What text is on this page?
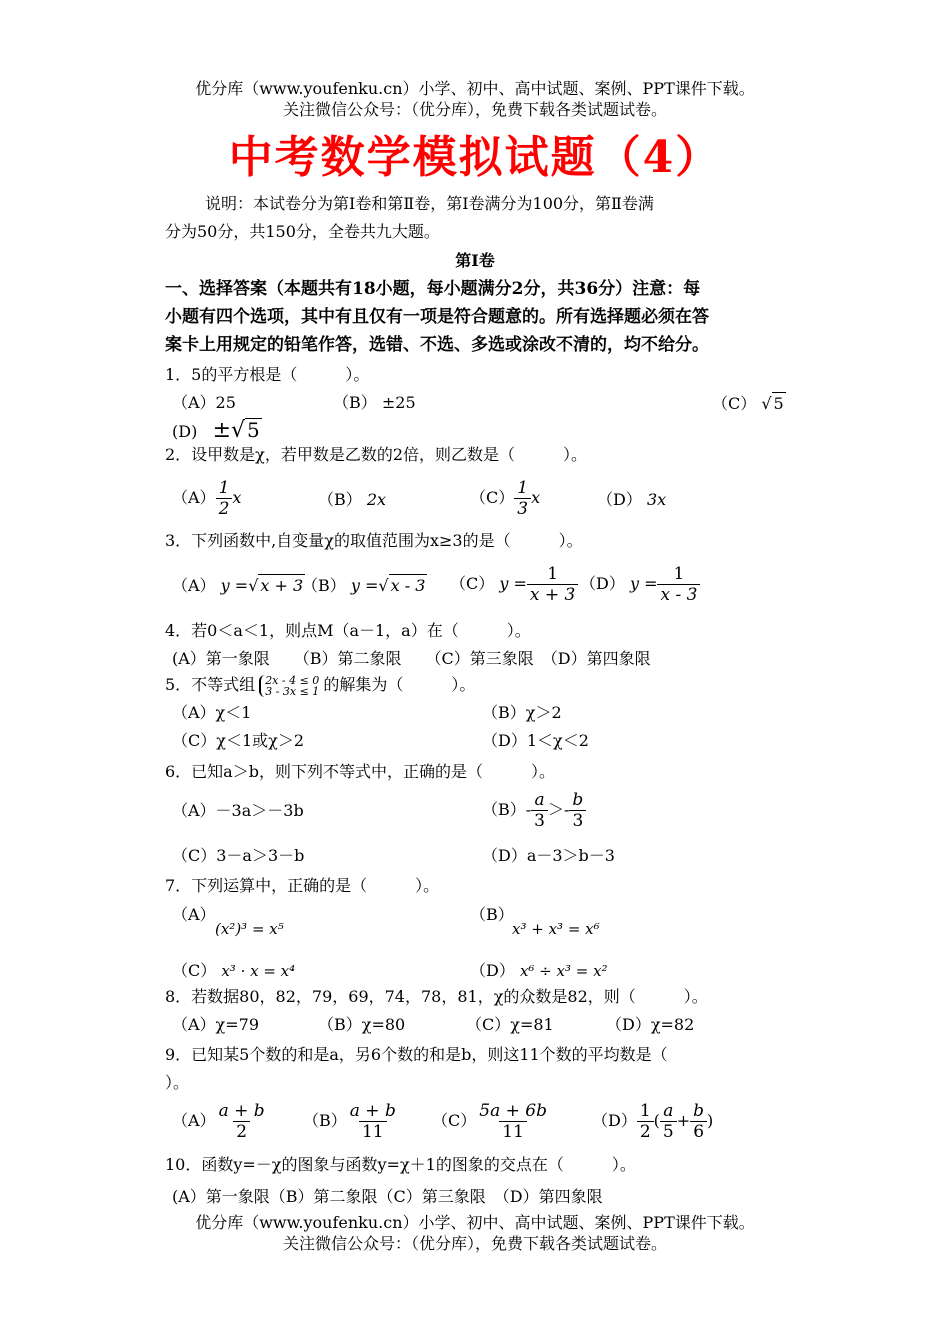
优分库（www.youfenku.cn）小学、初中、高中试题、案例、PPT课件下载。
关注微信公众号：（优分库），免费下载各类试题试卷。
中考数学模拟试题（4）
说明：本试卷分为第Ⅰ卷和第Ⅱ卷，第Ⅰ卷满分为100分，第Ⅱ卷满
分为50分，共150分，全卷共九大题。
第Ⅰ卷
一、选择答案（本题共有18小题，每小题满分2分，共36分）注意：每
小题有四个选项，其中有且仅有一项是符合题意的。所有选择题必须在答
案卡上用规定的铅笔作答，选错、不选、多选或涂改不清的，均不给分。
1．5的平方根是（　　　）。
（A）25	（B） ±25	（C） √ 5
(D) ±√ 5
2．设甲数是χ，若甲数是乙数的2倍，则乙数是（　　　）。
$(A) \frac{1}{2}$ x	（B） 2x	$(C) \frac{1}{3}$ x	（D） 3x
3．下列函数中,自变量χ的取值范围为x≥3的是（　　　）。
（A） y =√ x + 3
（B） y =√ x - 3 （C） $y = \frac{1}{x + 3} (D) y = \frac{1}{x - 3}$
4．若0＜a＜1，则点M（a－1，a）在（　　　）。
(A）第一象限　　（B）第二象限　　（C）第三象限　（D）第四象限
5．不等式组 2x - 4 ≤ 0
3 - 3x ≤ 1 的解集为（　　　）。
（A）χ＜1	（B）χ＞2
（C）χ＜1或χ＞2	（D）1＜χ＜2
6．已知a＞b，则下列不等式中，正确的是（　　　）。
（A）－3a＞－3b	$(B)- \frac{a}{3} >- \frac{b}{3}$
（C）3－a＞3－b	（D）a－3＞b－3
7．下列运算中，正确的是（　　　）。
（A）
(x²)³ = x⁵
（B）
x³ + x³ = x⁶
（C） x³ · x = x⁴	（D） x⁶ ÷ x³ = x²
8．若数据80，82，79，69，74，78，81，χ的众数是82，则（　　　）。
（A）χ=79	（B）χ=80	（C）χ=81	（D）χ=82
9．已知某5个数的和是a，另6个数的和是b，则这11个数的平均数是（
）。
$(A) \frac{a + b}{2} (B) \frac{a + b}{11} (C) \frac{5a + 6b}{11}$	$(D) \frac{1}{2}$ ( $\frac{a}{5} + \frac{b}{6}$ )
10．函数y=－χ的图象与函数y=χ＋1的图象的交点在（　　　）。
(A）第一象限（B）第二象限（C）第三象限　（D）第四象限
优分库（www.youfenku.cn）小学、初中、高中试题、案例、PPT课件下载。
关注微信公众号：（优分库），免费下载各类试题试卷。
